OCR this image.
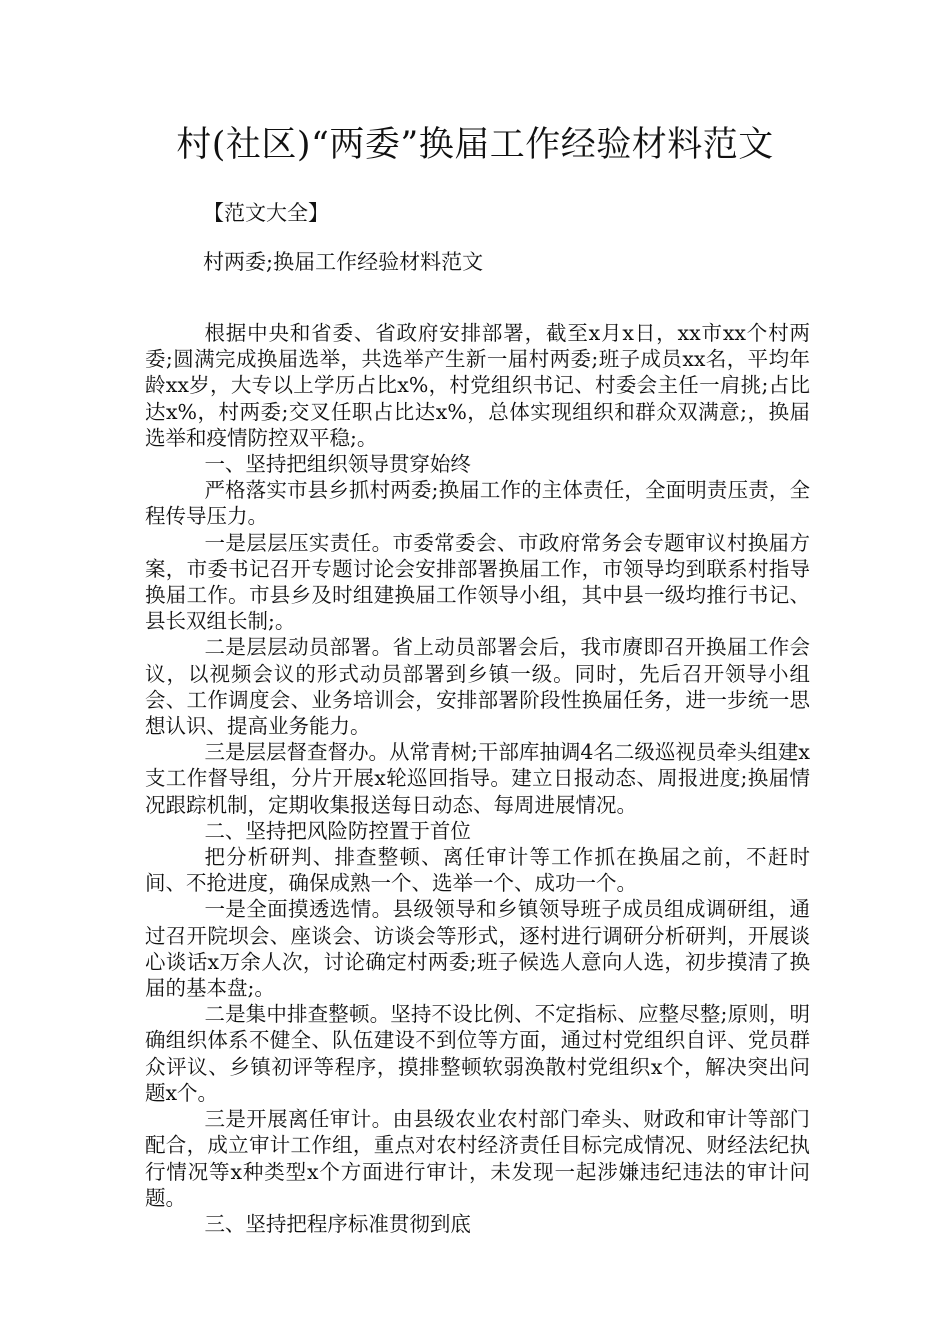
村(社区)“两委”换届工作经验材料范文

【范文大全】

村两委;换届工作经验材料范文

根据中央和省委、省政府安排部署，截至x月x日，xx市xx个村两委;圆满完成换届选举，共选举产生新一届村两委;班子成员xx名，平均年龄xx岁，大专以上学历占比x%，村党组织书记、村委会主任一肩挑;占比达x%，村两委;交叉任职占比达x%，总体实现组织和群众双满意;，换届选举和疫情防控双平稳;。

一、坚持把组织领导贯穿始终

严格落实市县乡抓村两委;换届工作的主体责任，全面明责压责，全程传导压力。

一是层层压实责任。市委常委会、市政府常务会专题审议村换届方案，市委书记召开专题讨论会安排部署换届工作，市领导均到联系村指导换届工作。市县乡及时组建换届工作领导小组，其中县一级均推行书记、县长双组长制;。

二是层层动员部署。省上动员部署会后，我市赓即召开换届工作会议，以视频会议的形式动员部署到乡镇一级。同时，先后召开领导小组会、工作调度会、业务培训会，安排部署阶段性换届任务，进一步统一思想认识、提高业务能力。

三是层层督查督办。从常青树;干部库抽调4名二级巡视员牵头组建x支工作督导组，分片开展x轮巡回指导。建立日报动态、周报进度;换届情况跟踪机制，定期收集报送每日动态、每周进展情况。

二、坚持把风险防控置于首位

把分析研判、排查整顿、离任审计等工作抓在换届之前，不赶时间、不抢进度，确保成熟一个、选举一个、成功一个。

一是全面摸透选情。县级领导和乡镇领导班子成员组成调研组，通过召开院坝会、座谈会、访谈会等形式，逐村进行调研分析研判，开展谈心谈话x万余人次，讨论确定村两委;班子候选人意向人选，初步摸清了换届的基本盘;。

二是集中排查整顿。坚持不设比例、不定指标、应整尽整;原则，明确组织体系不健全、队伍建设不到位等方面，通过村党组织自评、党员群众评议、乡镇初评等程序，摸排整顿软弱涣散村党组织x个，解决突出问题x个。

三是开展离任审计。由县级农业农村部门牵头、财政和审计等部门配合，成立审计工作组，重点对农村经济责任目标完成情况、财经法纪执行情况等x种类型x个方面进行审计，未发现一起涉嫌违纪违法的审计问题。

三、坚持把程序标准贯彻到底
